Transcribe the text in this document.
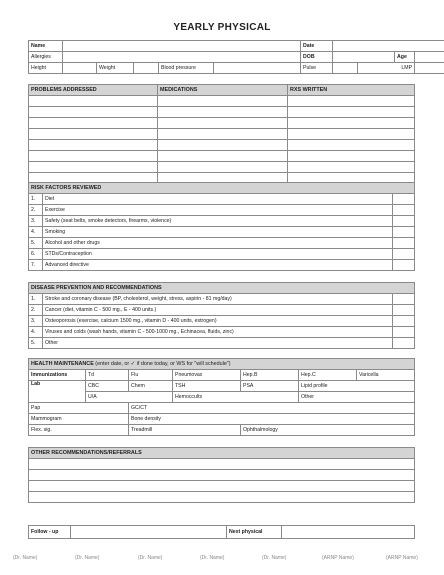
YEARLY PHYSICAL
Name						Date				
Allergies						DOB			Age	
Height		Weight		Blood pressure		Pulse		LMP		
PROBLEMS ADDRESSED	MEDICATIONS	RXS WRITTEN

RISK FACTORS REVIEWED		
1.	Diet	
2.	Exercise	
3.	Safety (seat belts, smoke detectors, firearms, violence)	
4.	Smoking	
5.	Alcohol and other drugs	
6.	STDs/Contraception	
7.	Advanced directive	
DISEASE PREVENTION AND RECOMMENDATIONS		
1.	Stroke and coronary disease (BP, cholesterol, weight, stress, aspirin - 81 mg/day)	
2.	Cancer (diet, vitamin C - 500 mg., E - 400 units.)	
3.	Osteoporosis (exercise, calcium 1500 mg., vitamin D - 400 units, estrogen)	
4.	Viruses and colds (wash hands, vitamin C - 500-1000 mg., Echinacea, fluids, zinc)	
5.	Other	
HEALTH MAINTENANCE (enter date, or ✓ if done today, or WS for "will schedule")						
Immunizations	Td	Flu	Pneumovax	Hep.B	Hep.C	Varicella
Lab	CBC	Chem	TSH	PSA	Lipid profile	
	U/A		Hemoccults		Other	
Pap		GC/CT				
Mammogram		Bone density				
Flex. sig.		Treadmill		Ophthalmology		
OTHER RECOMMENDATIONS/REFERRALS

Follow - up		Next physical	
(Dr. Name)	(Dr. Name)	(Dr. Name)	(Dr. Name)	(Dr. Name)	(ARNP Name)	(ARNP Name)
